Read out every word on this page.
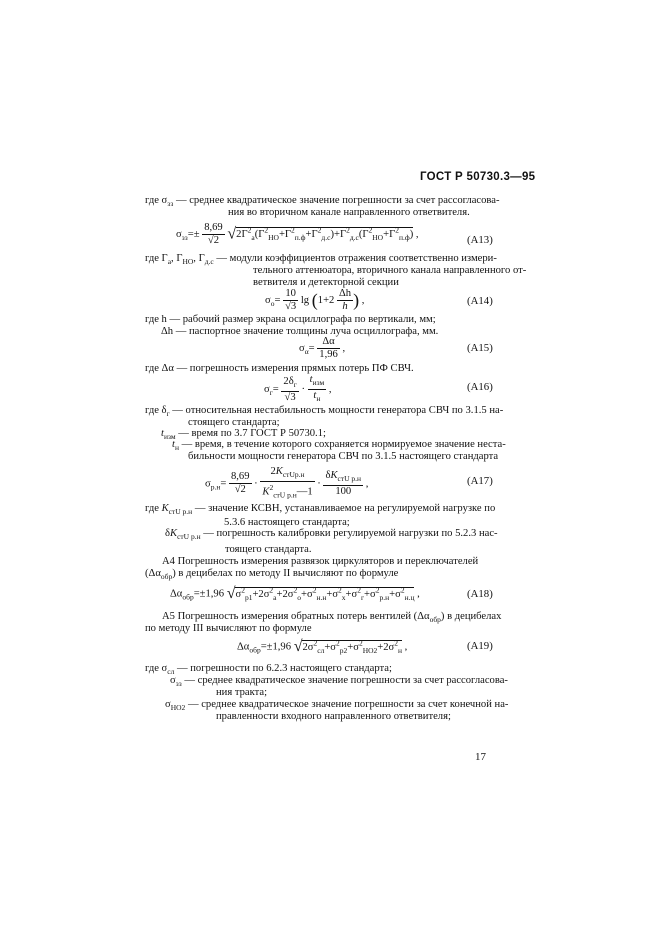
ГОСТ Р 50730.3—95
где $\sigma_{зз}$ — среднее квадратическое значение погрешности за счет рассогласова-
ния во вторичном канале направленного ответвителя.
$\sigma_{зз}=\pm \frac{8,69}{√2} √2\Gamma^2_а(\Gamma^2_{НО}+\Gamma^2_{п.ф}+\Gamma^2_{д.с})+\Gamma^2_{д.с}(\Gamma^2_{НО}+\Gamma^2_{п.ф})$ ,	(А13)
где $\Gamma_а$, $\Gamma_{НО}$, $\Gamma_{д.с}$ — модули коэффициентов отражения соответственно измери-
тельного аттенюатора, вторичного канала направленного от-
ветвителя и детекторной секции
$\sigma_о= \frac{10}{√3}$ $\lg (1+2 \frac{\Delta h}{h}$ ) ,	(А14)
где h — рабочий размер экрана осциллографа по вертикали, мм;
Δh — паспортное значение толщины луча осциллографа, мм.
$\sigma_\alpha= \frac{\Delta\alpha}{1,96}$ ,	(А15)
где Δα — погрешность измерения прямых потерь ПФ СВЧ.
$\sigma_г=$
$2\delta_г$
√3
·
$t_{изм}$
$t_н$
,	(А16)
где $\delta_г$ — относительная нестабильность мощности генератора СВЧ по 3.1.5 на-
стоящего стандарта;
$t_{изм}$ — время по 3.7 ГОСТ Р 50730.1;
$t_н$ — время, в течение которого сохраняется нормируемое значение неста-
бильности мощности генератора СВЧ по 3.1.5 настоящего стандарта
$\sigma_{р.н}= \frac{8,69}{√2}$ ·
$2K_{стUр.н}$
$K^2_{стU р.н}—1$
·
$\delta K_{стU р.н}$
100
,	(А17)
где $K_{стU р.н}$ — значение КСВН, устанавливаемое на регулируемой нагрузке по
5.3.6 настоящего стандарта;
$\delta K_{стU р.н}$ — погрешность калибровки регулируемой нагрузки по 5.2.3 нас-
тоящего стандарта.
А4 Погрешность измерения развязок циркуляторов и переключателей
$(\Delta\alpha_{обр})$ в децибелах по методу II вычисляют по формуле
$\Delta\alpha_{обр}=\pm 1,96$ $√\sigma^2_{р1}+2\sigma^2_а+2\sigma^2_о+\sigma^2_{н.н}+\sigma^2_х+\sigma^2_г+\sigma^2_{р.н}+\sigma^2_{н.ц}$ ,	(А18)
А5 Погрешность измерения обратных потерь вентилей $(\Delta\alpha_{обр})$ в децибелах
по методу III вычисляют по формуле
$\Delta\alpha_{обр}=\pm 1,96$ $√2\sigma^2_{сл}+\sigma^2_{р2}+\sigma^2_{НО2}+2\sigma^2_н$ ,	(А19)
где $\sigma_{сл}$ — погрешности по 6.2.3 настоящего стандарта;
$\sigma_{зз}$ — среднее квадратическое значение погрешности за счет рассогласова-
ния тракта;
$\sigma_{НО2}$ — среднее квадратическое значение погрешности за счет конечной на-
правленности входного направленного ответвителя;
17
